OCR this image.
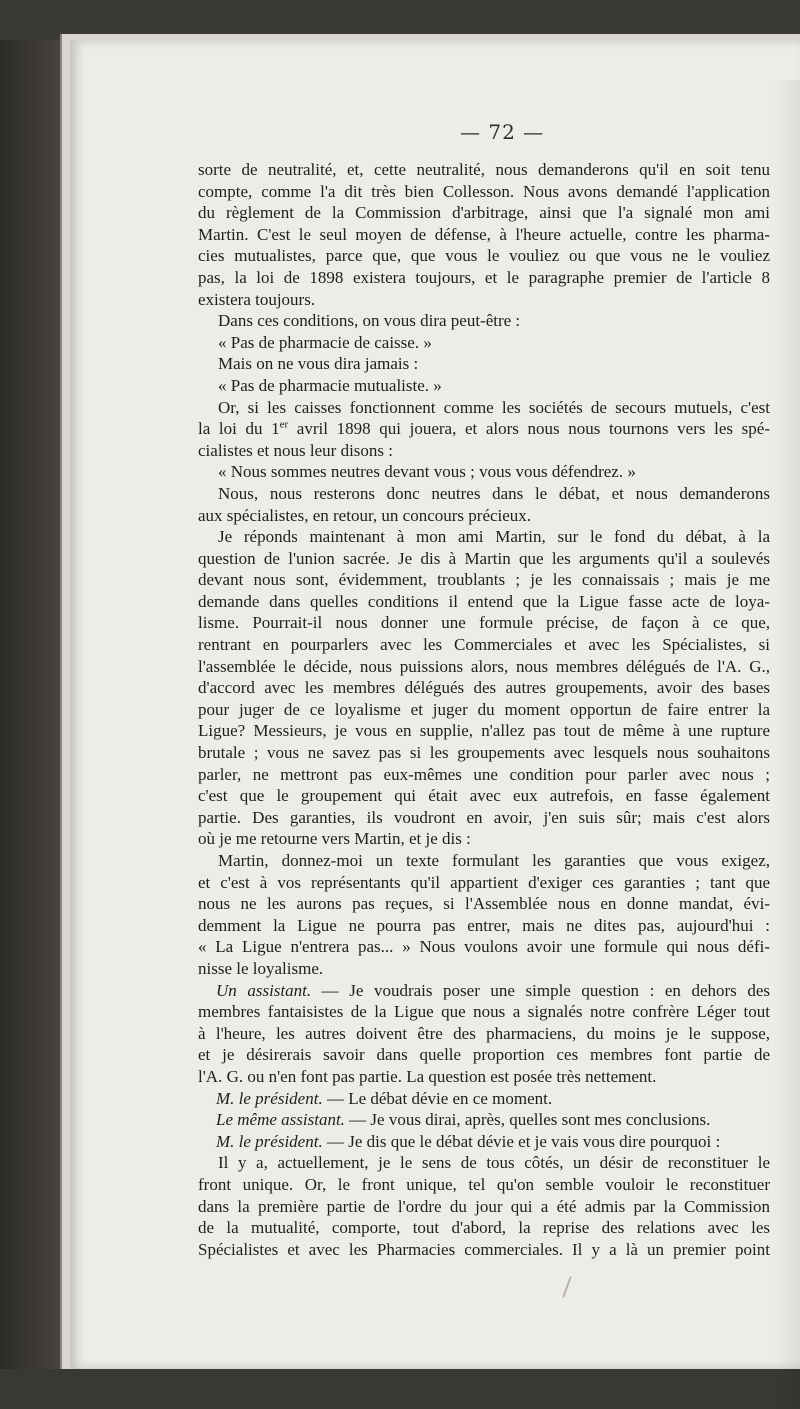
— 72 —
sorte de neutralité, et, cette neutralité, nous demanderons qu'il en soit tenu
compte, comme l'a dit très bien Collesson. Nous avons demandé l'application
du règlement de la Commission d'arbitrage, ainsi que l'a signalé mon ami
Martin. C'est le seul moyen de défense, à l'heure actuelle, contre les pharma-
cies mutualistes, parce que, que vous le vouliez ou que vous ne le vouliez
pas, la loi de 1898 existera toujours, et le paragraphe premier de l'article 8
existera toujours.
Dans ces conditions, on vous dira peut-être :
« Pas de pharmacie de caisse. »
Mais on ne vous dira jamais :
« Pas de pharmacie mutualiste. »
Or, si les caisses fonctionnent comme les sociétés de secours mutuels, c'est
la loi du 1er avril 1898 qui jouera, et alors nous nous tournons vers les spé-
cialistes et nous leur disons :
« Nous sommes neutres devant vous ; vous vous défendrez. »
Nous, nous resterons donc neutres dans le débat, et nous demanderons
aux spécialistes, en retour, un concours précieux.
Je réponds maintenant à mon ami Martin, sur le fond du débat, à la
question de l'union sacrée. Je dis à Martin que les arguments qu'il a soulevés
devant nous sont, évidemment, troublants ; je les connaissais ; mais je me
demande dans quelles conditions il entend que la Ligue fasse acte de loya-
lisme. Pourrait-il nous donner une formule précise, de façon à ce que,
rentrant en pourparlers avec les Commerciales et avec les Spécialistes, si
l'assemblée le décide, nous puissions alors, nous membres délégués de l'A. G.,
d'accord avec les membres délégués des autres groupements, avoir des bases
pour juger de ce loyalisme et juger du moment opportun de faire entrer la
Ligue? Messieurs, je vous en supplie, n'allez pas tout de même à une rupture
brutale ; vous ne savez pas si les groupements avec lesquels nous souhaitons
parler, ne mettront pas eux-mêmes une condition pour parler avec nous ;
c'est que le groupement qui était avec eux autrefois, en fasse également
partie. Des garanties, ils voudront en avoir, j'en suis sûr; mais c'est alors
où je me retourne vers Martin, et je dis :
Martin, donnez-moi un texte formulant les garanties que vous exigez,
et c'est à vos représentants qu'il appartient d'exiger ces garanties ; tant que
nous ne les aurons pas reçues, si l'Assemblée nous en donne mandat, évi-
demment la Ligue ne pourra pas entrer, mais ne dites pas, aujourd'hui :
« La Ligue n'entrera pas... » Nous voulons avoir une formule qui nous défi-
nisse le loyalisme.
Un assistant. — Je voudrais poser une simple question : en dehors des
membres fantaisistes de la Ligue que nous a signalés notre confrère Léger tout
à l'heure, les autres doivent être des pharmaciens, du moins je le suppose,
et je désirerais savoir dans quelle proportion ces membres font partie de
l'A. G. ou n'en font pas partie. La question est posée très nettement.
M. le président. — Le débat dévie en ce moment.
Le même assistant. — Je vous dirai, après, quelles sont mes conclusions.
M. le président. — Je dis que le débat dévie et je vais vous dire pourquoi :
Il y a, actuellement, je le sens de tous côtés, un désir de reconstituer le
front unique. Or, le front unique, tel qu'on semble vouloir le reconstituer
dans la première partie de l'ordre du jour qui a été admis par la Commission
de la mutualité, comporte, tout d'abord, la reprise des relations avec les
Spécialistes et avec les Pharmacies commerciales. Il y a là un premier point
